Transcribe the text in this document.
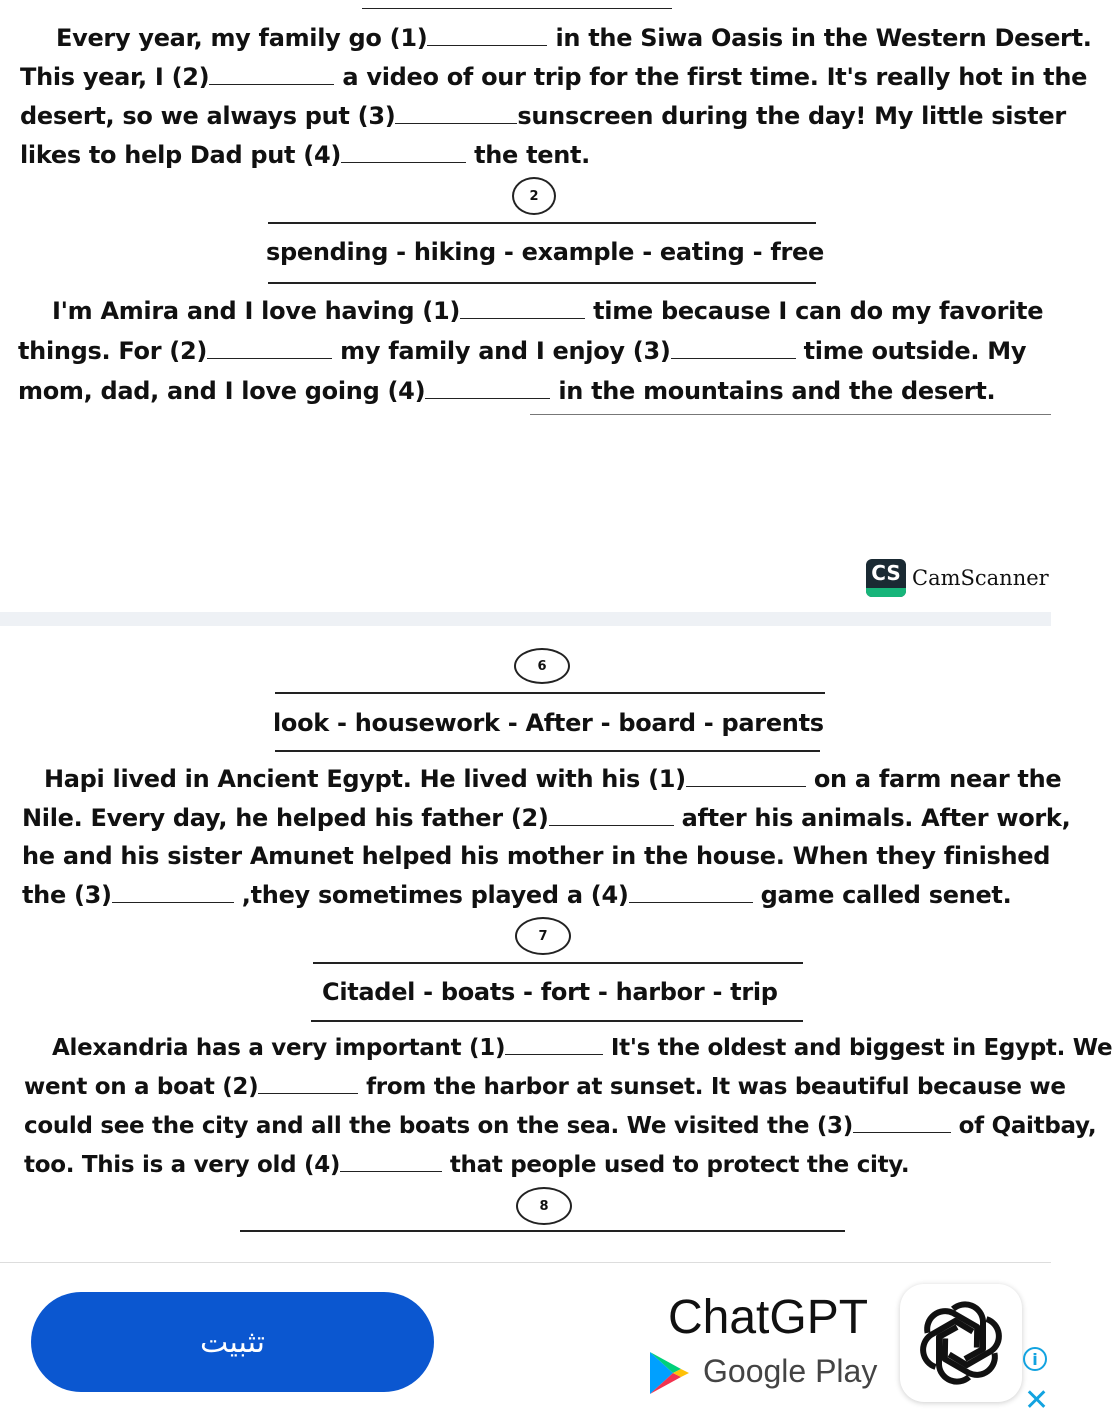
Every year, my family go (1)	in the Siwa Oasis in the Western Desert.
This year, I (2)	a video of our trip for the first time. It's really hot in the
desert, so we always put (3)	sunscreen during the day! My little sister
likes to help Dad put (4)	the tent.
2
spending - hiking - example - eating - free
I'm Amira and I love having (1)	time because I can do my favorite
things. For (2)	my family and I enjoy (3)	time outside. My
mom, dad, and I love going (4)	in the mountains and the desert.
CS CamScanner
6
look - housework - After - board - parents
Hapi lived in Ancient Egypt. He lived with his (1)	on a farm near the
Nile. Every day, he helped his father (2)	after his animals. After work,
he and his sister Amunet helped his mother in the house. When they finished
the (3)	,they sometimes played a (4)	game called senet.
7
Citadel - boats - fort - harbor - trip
Alexandria has a very important (1)	It's the oldest and biggest in Egypt. We
went on a boat (2)	from the harbor at sunset. It was beautiful because we
could see the city and all the boats on the sea. We visited the (3)	of Qaitbay,
too. This is a very old (4)	that people used to protect the city.
8
تثبيت	ChatGPT
Google Play	i
✕
